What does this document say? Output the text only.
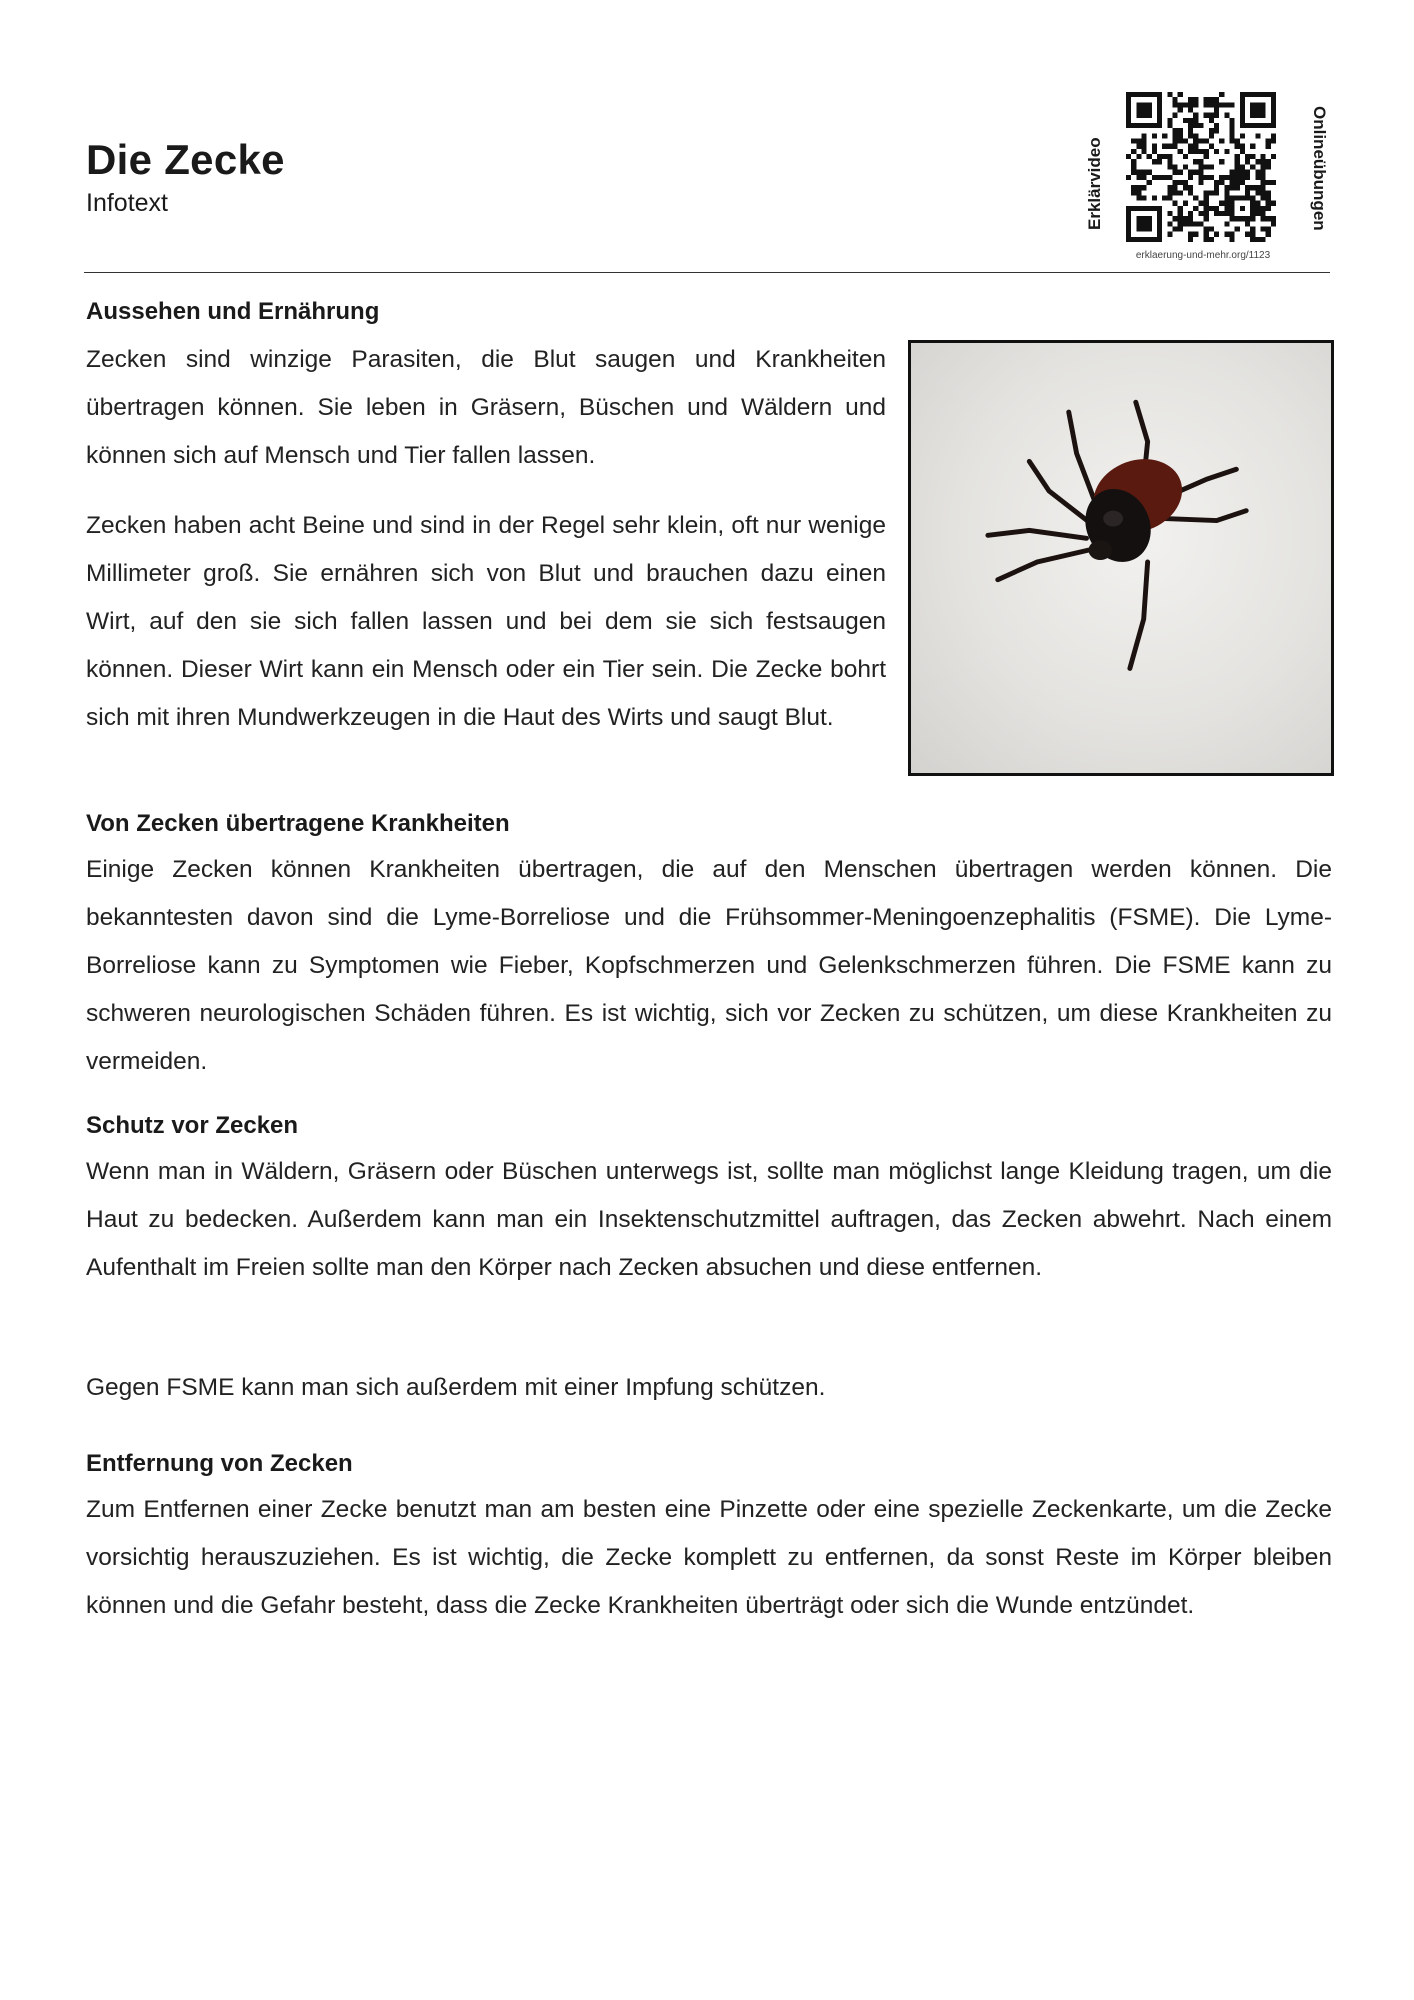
Die Zecke
Infotext	Erklärvideo	Onlineübungen
erklaerung-und-mehr.org/1123
Aussehen und Ernährung

Zecken sind winzige Parasiten, die Blut saugen und Krankheiten übertragen können. Sie leben in Gräsern, Büschen und Wäldern und können sich auf Mensch und Tier fallen lassen.

Zecken haben acht Beine und sind in der Regel sehr klein, oft nur wenige Millimeter groß. Sie ernähren sich von Blut und brauchen dazu einen Wirt, auf den sie sich fallen lassen und bei dem sie sich festsaugen können. Dieser Wirt kann ein Mensch oder ein Tier sein. Die Zecke bohrt sich mit ihren Mundwerkzeugen in die Haut des Wirts und saugt Blut.

Von Zecken übertragene Krankheiten

Einige Zecken können Krankheiten übertragen, die auf den Menschen übertragen werden können. Die bekanntesten davon sind die Lyme-Borreliose und die Frühsommer-Meningoenzephalitis (FSME). Die Lyme-Borreliose kann zu Symptomen wie Fieber, Kopfschmerzen und Gelenkschmerzen führen. Die FSME kann zu schweren neurologischen Schäden führen. Es ist wichtig, sich vor Zecken zu schützen, um diese Krankheiten zu vermeiden.

Schutz vor Zecken

Wenn man in Wäldern, Gräsern oder Büschen unterwegs ist, sollte man möglichst lange Kleidung tragen, um die Haut zu bedecken. Außerdem kann man ein Insektenschutzmittel auftragen, das Zecken abwehrt. Nach einem Aufenthalt im Freien sollte man den Körper nach Zecken absuchen und diese entfernen.

Gegen FSME kann man sich außerdem mit einer Impfung schützen.

Entfernung von Zecken

Zum Entfernen einer Zecke benutzt man am besten eine Pinzette oder eine spezielle Zeckenkarte, um die Zecke vorsichtig herauszuziehen. Es ist wichtig, die Zecke komplett zu entfernen, da sonst Reste im Körper bleiben können und die Gefahr besteht, dass die Zecke Krankheiten überträgt oder sich die Wunde entzündet.
